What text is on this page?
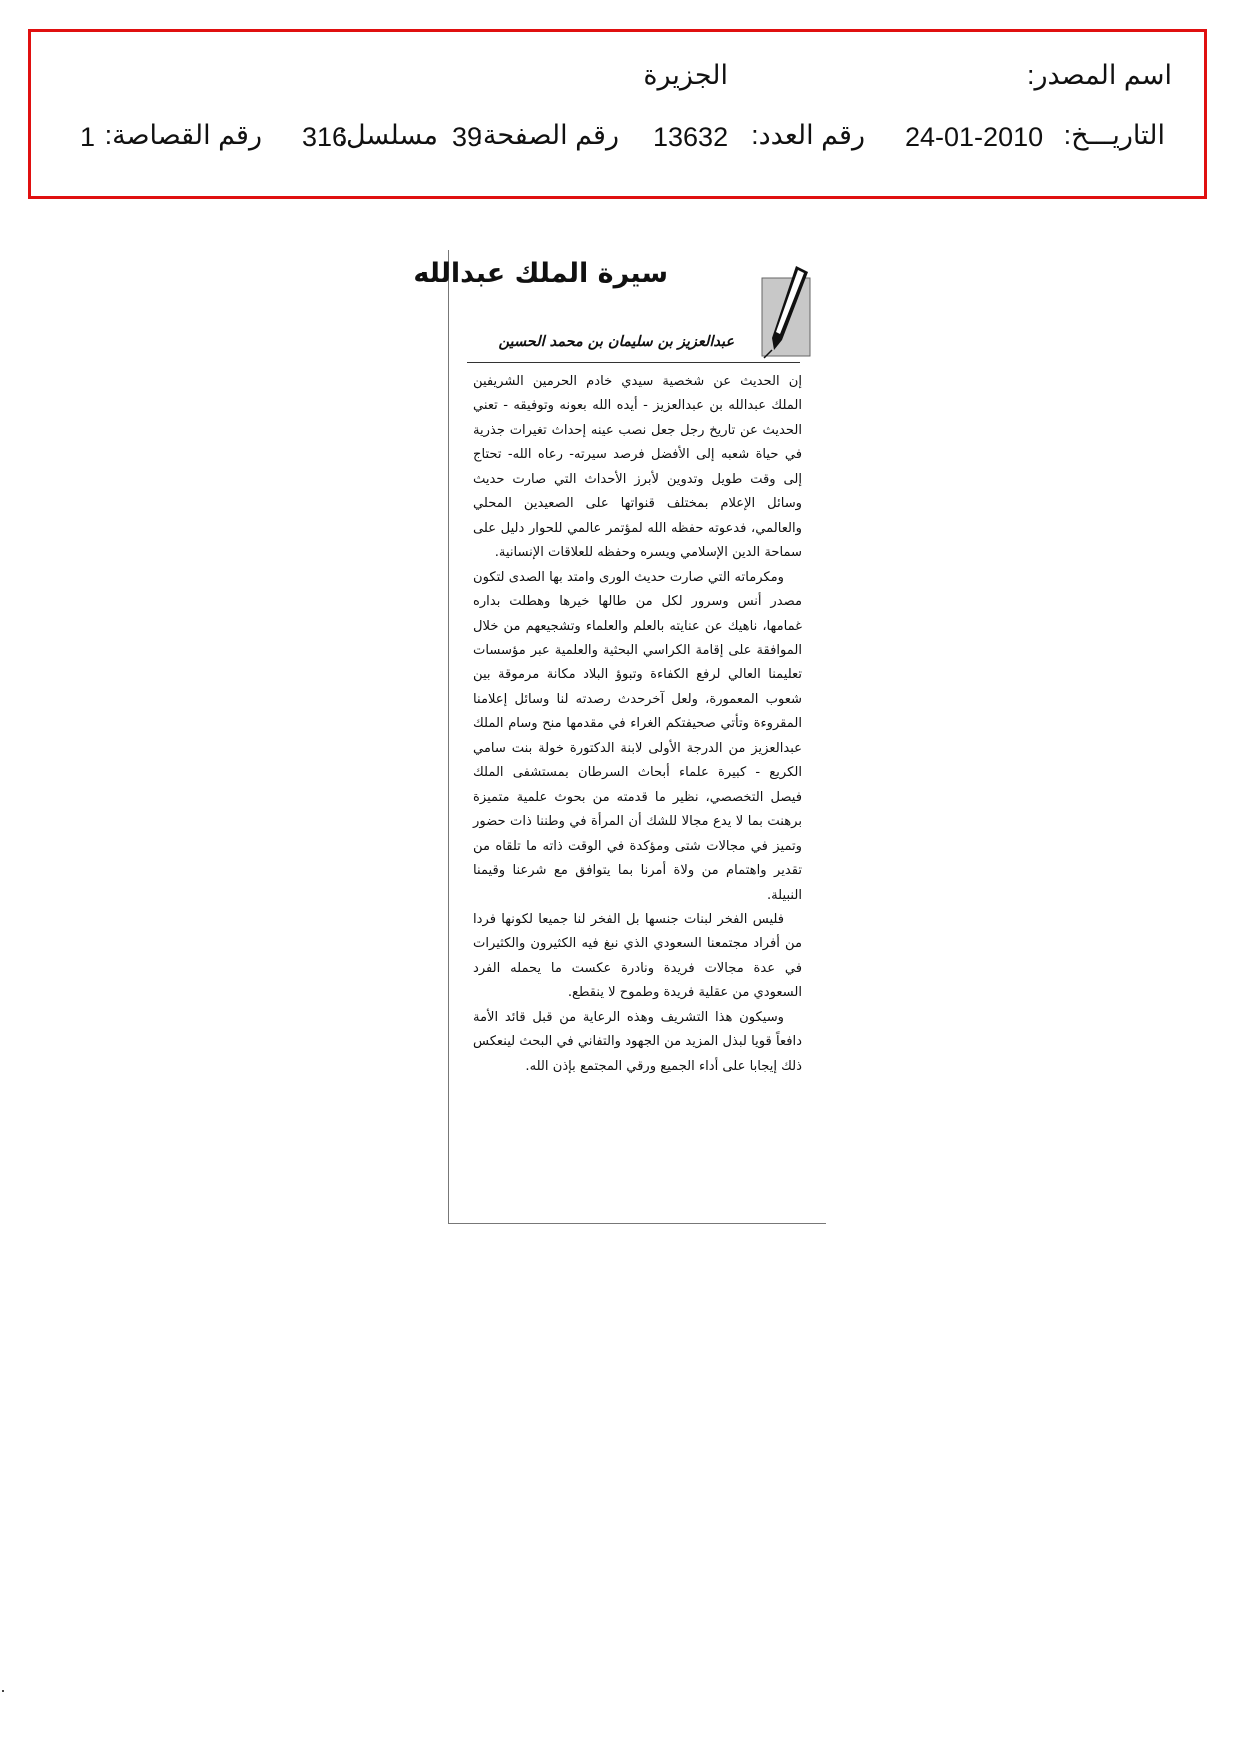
اسم المصدر:
الجزيرة
التاريـــخ:
24-01-2010
رقم العدد:
13632
رقم الصفحة:
39
مسلسل:
316
رقم القصاصة:
1
سيرة الملك عبدالله
عبدالعزيز بن سليمان بن محمد الحسين

إن الحديث عن شخصية سيدي خادم الحرمين الشريفين الملك عبدالله بن عبدالعزيز - أيده الله بعونه وتوفيقه - تعني الحديث عن تاريخ رجل جعل نصب عينه إحداث تغيرات جذرية في حياة شعبه إلى الأفضل فرصد سيرته- رعاه الله- تحتاج إلى وقت طويل وتدوين لأبرز الأحداث التي صارت حديث وسائل الإعلام بمختلف قنواتها على الصعيدين المحلي والعالمي، فدعوته حفظه الله لمؤتمر عالمي للحوار دليل على سماحة الدين الإسلامي ويسره وحفظه للعلاقات الإنسانية.

ومكرماته التي صارت حديث الورى وامتد بها الصدى لتكون مصدر أنس وسرور لكل من طالها خيرها وهطلت بداره غمامها، ناهيك عن عنايته بالعلم والعلماء وتشجيعهم من خلال الموافقة على إقامة الكراسي البحثية والعلمية عبر مؤسسات تعليمنا العالي لرفع الكفاءة وتبوؤ البلاد مكانة مرموقة بين شعوب المعمورة، ولعل آخرحدث رصدته لنا وسائل إعلامنا المقروءة وتأتي صحيفتكم الغراء في مقدمها منح وسام الملك عبدالعزيز من الدرجة الأولى لابنة الدكتورة خولة بنت سامي الكريع - كبيرة علماء أبحاث السرطان بمستشفى الملك فيصل التخصصي، نظير ما قدمته من بحوث علمية متميزة برهنت بما لا يدع مجالا للشك أن المرأة في وطننا ذات حضور وتميز في مجالات شتى ومؤكدة في الوقت ذاته ما تلقاه من تقدير واهتمام من ولاة أمرنا بما يتوافق مع شرعنا وقيمنا النبيلة.

فليس الفخر لبنات جنسها بل الفخر لنا جميعا لكونها فردا من أفراد مجتمعنا السعودي الذي نبغ فيه الكثيرون والكثيرات في عدة مجالات فريدة ونادرة عكست ما يحمله الفرد السعودي من عقلية فريدة وطموح لا ينقطع.

وسيكون هذا التشريف وهذه الرعاية من قبل قائد الأمة دافعاً قويا لبذل المزيد من الجهود والتفاني في البحث لينعكس ذلك إيجابا على أداء الجميع ورقي المجتمع بإذن الله.
